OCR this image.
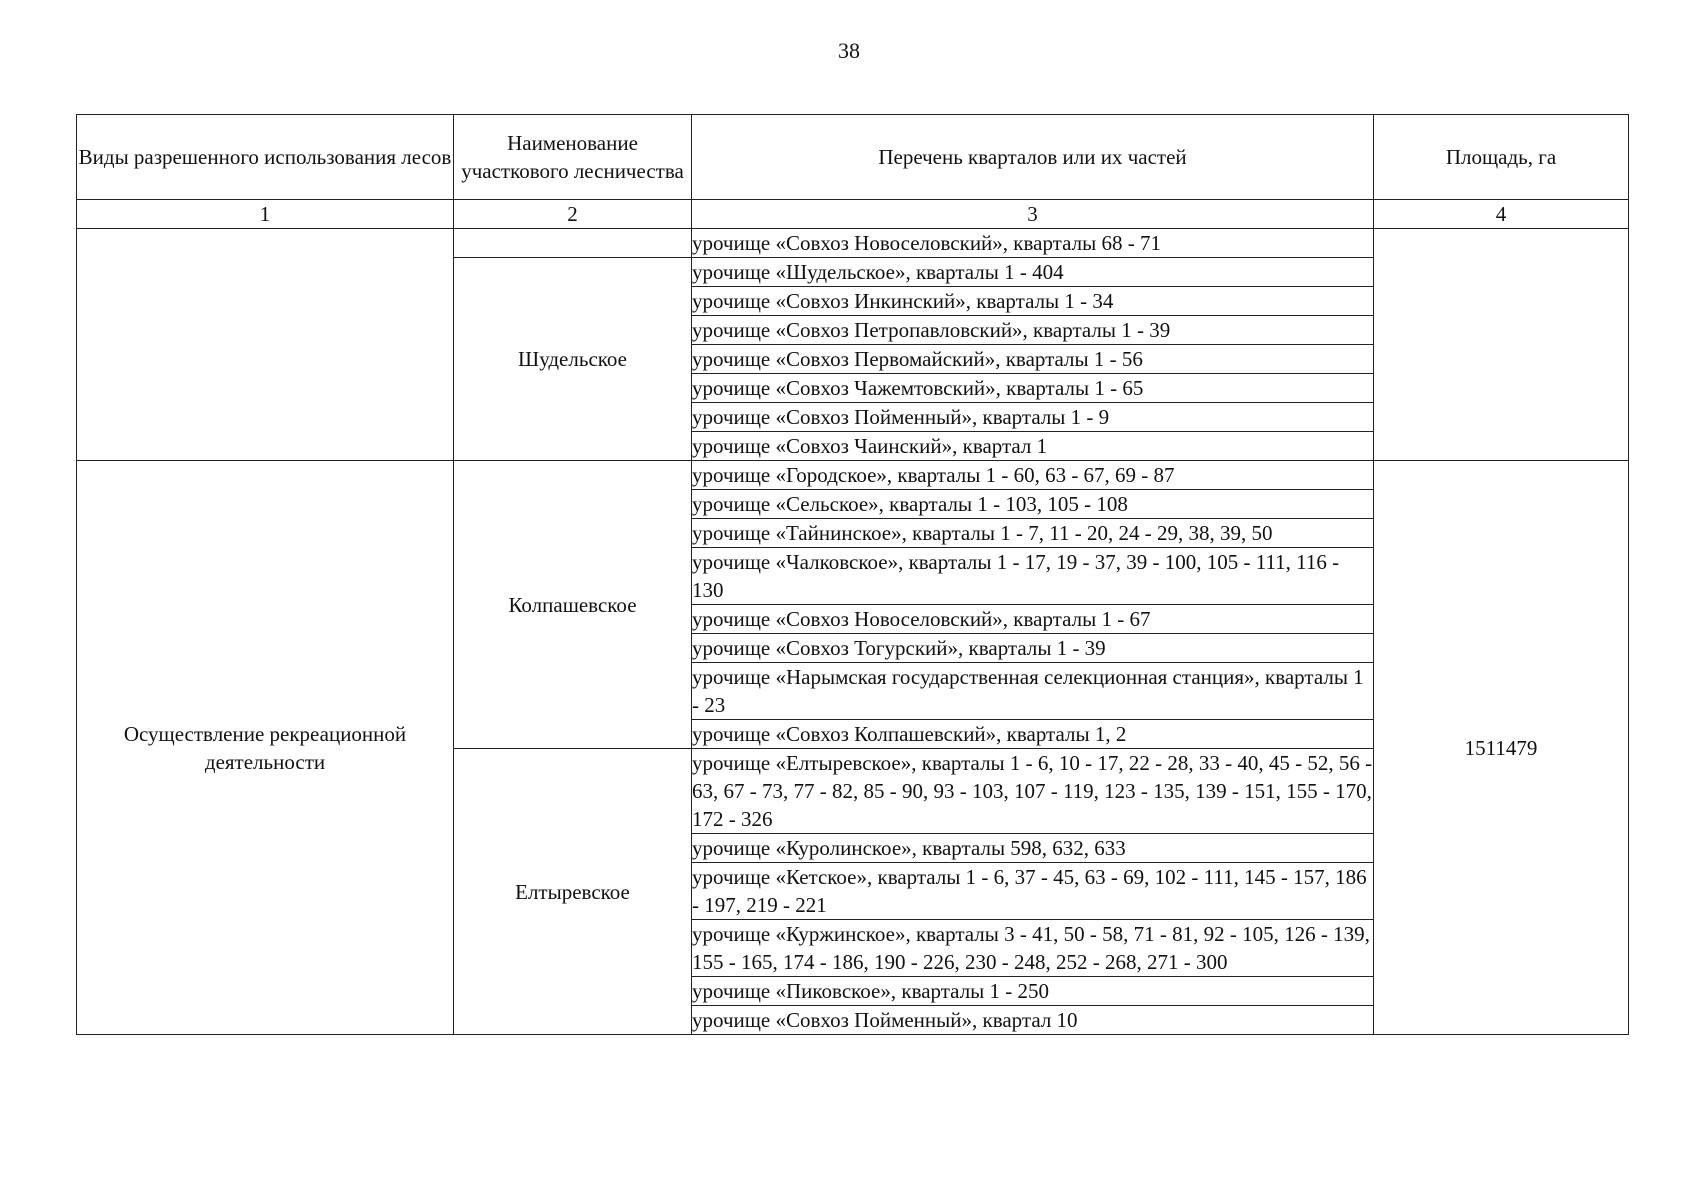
38
Виды разрешенного использования лесов	Наименование участкового лесничества	Перечень кварталов или их частей	Площадь, га
1	2	3	4
		урочище «Совхоз Новоселовский», кварталы 68 - 71	
	Шудельское	урочище «Шудельское», кварталы 1 - 404	
		урочище «Совхоз Инкинский», кварталы 1 - 34	
		урочище «Совхоз Петропавловский», кварталы 1 - 39	
		урочище «Совхоз Первомайский», кварталы 1 - 56	
		урочище «Совхоз Чажемтовский», кварталы 1 - 65	
		урочище «Совхоз Пойменный», кварталы 1 - 9	
		урочище «Совхоз Чаинский», квартал 1	
Осуществление рекреационной деятельности	Колпашевское	урочище «Городское», кварталы 1 - 60, 63 - 67, 69 - 87	1511479
		урочище «Сельское», кварталы 1 - 103, 105 - 108	
		урочище «Тайнинское», кварталы 1 - 7, 11 - 20, 24 - 29, 38, 39, 50	
		урочище «Чалковское», кварталы 1 - 17, 19 - 37, 39 - 100, 105 - 111, 116 - 130	
		урочище «Совхоз Новоселовский», кварталы 1 - 67	
		урочище «Совхоз Тогурский», кварталы 1 - 39	
		урочище «Нарымская государственная селекционная станция», кварталы 1 - 23	
		урочище «Совхоз Колпашевский», кварталы 1, 2	
	Елтыревское	урочище «Елтыревское», кварталы 1 - 6, 10 - 17, 22 - 28, 33 - 40, 45 - 52, 56 - 63, 67 - 73, 77 - 82, 85 - 90, 93 - 103, 107 - 119, 123 - 135, 139 - 151, 155 - 170, 172 - 326	
		урочище «Куролинское», кварталы 598, 632, 633	
		урочище «Кетское», кварталы 1 - 6, 37 - 45, 63 - 69, 102 - 111, 145 - 157, 186 - 197, 219 - 221	
		урочище «Куржинское», кварталы 3 - 41, 50 - 58, 71 - 81, 92 - 105, 126 - 139, 155 - 165, 174 - 186, 190 - 226, 230 - 248, 252 - 268, 271 - 300	
		урочище «Пиковское», кварталы 1 - 250	
		урочище «Совхоз Пойменный», квартал 10	
